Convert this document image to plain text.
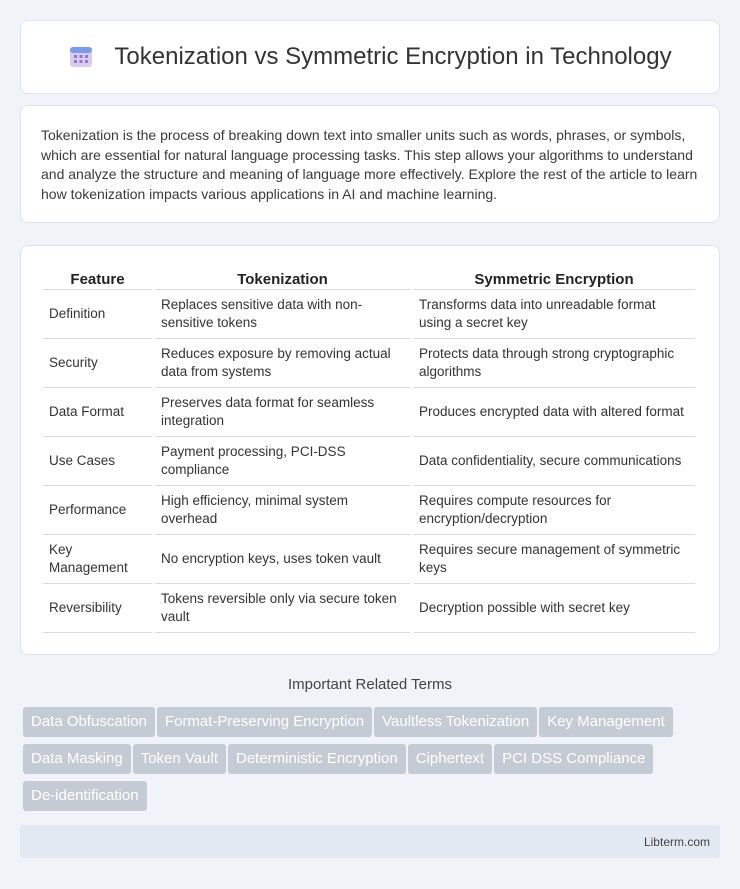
Tokenization vs Symmetric Encryption in Technology

Tokenization is the process of breaking down text into smaller units such as words, phrases, or symbols, which are essential for natural language processing tasks. This step allows your algorithms to understand and analyze the structure and meaning of language more effectively. Explore the rest of the article to learn how tokenization impacts various applications in AI and machine learning.

Feature	Tokenization	Symmetric Encryption
Definition	Replaces sensitive data with non-sensitive tokens	Transforms data into unreadable format using a secret key
Security	Reduces exposure by removing actual data from systems	Protects data through strong cryptographic algorithms
Data Format	Preserves data format for seamless integration	Produces encrypted data with altered format
Use Cases	Payment processing, PCI-DSS compliance	Data confidentiality, secure communications
Performance	High efficiency, minimal system overhead	Requires compute resources for encryption/decryption
Key Management	No encryption keys, uses token vault	Requires secure management of symmetric keys
Reversibility	Tokens reversible only via secure token vault	Decryption possible with secret key
Important Related Terms
Data Obfuscation Format-Preserving Encryption Vaultless Tokenization Key ManagementData Masking Token Vault Deterministic Encryption Ciphertext PCI DSS ComplianceDe-identification
Libterm.com
